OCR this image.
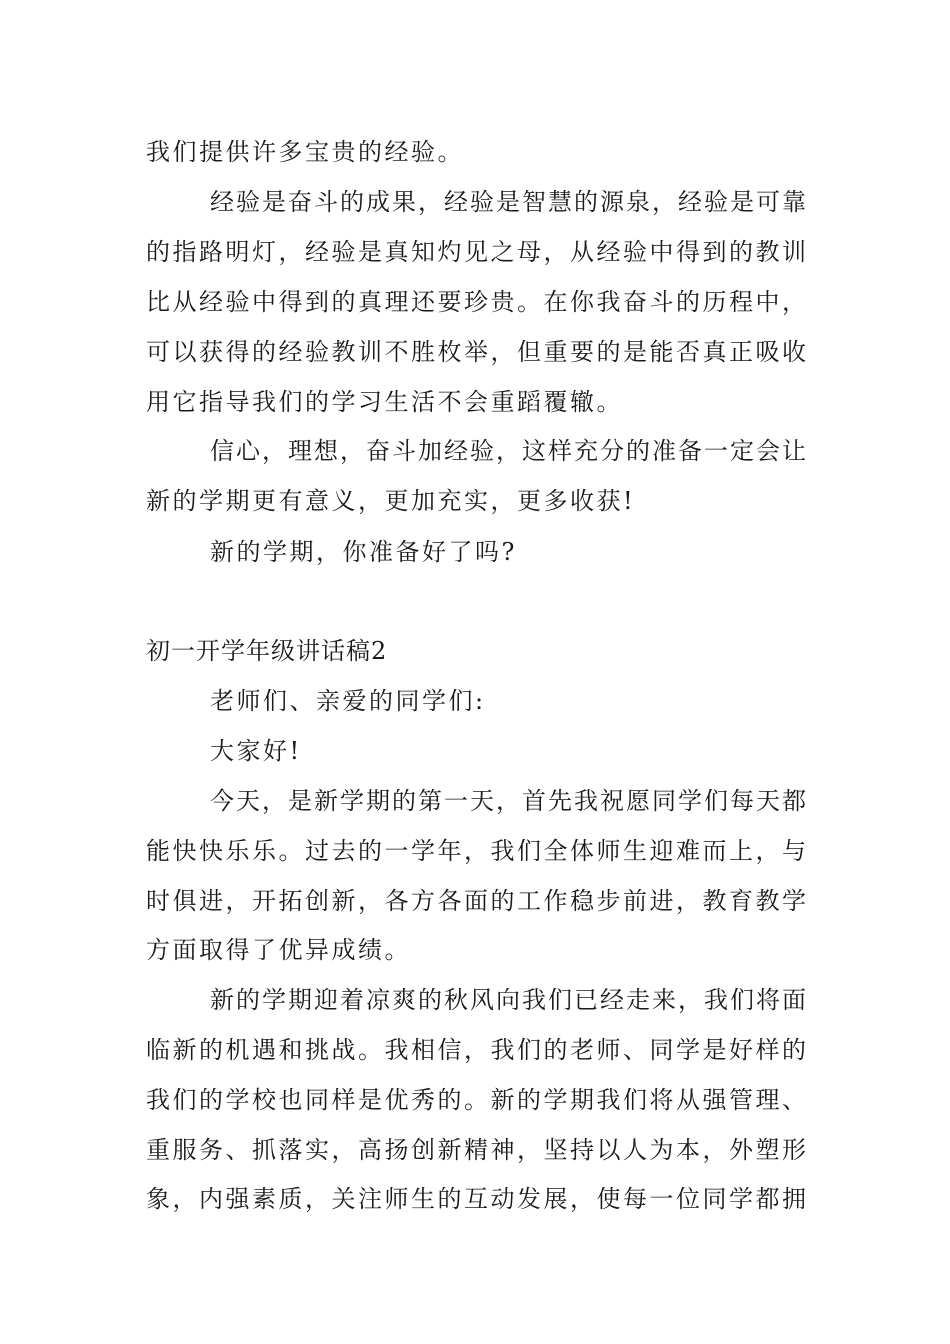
我们提供许多宝贵的经验。
经验是奋斗的成果，经验是智慧的源泉，经验是可靠
的指路明灯，经验是真知灼见之母，从经验中得到的教训
比从经验中得到的真理还要珍贵。在你我奋斗的历程中，
可以获得的经验教训不胜枚举，但重要的是能否真正吸收
用它指导我们的学习生活不会重蹈覆辙。
信心，理想，奋斗加经验，这样充分的准备一定会让
新的学期更有意义，更加充实，更多收获!
新的学期，你准备好了吗?
初一开学年级讲话稿2
老师们、亲爱的同学们:
大家好!
今天，是新学期的第一天，首先我祝愿同学们每天都
能快快乐乐。过去的一学年，我们全体师生迎难而上，与
时俱进，开拓创新，各方各面的工作稳步前进，教育教学
方面取得了优异成绩。
新的学期迎着凉爽的秋风向我们已经走来，我们将面
临新的机遇和挑战。我相信，我们的老师、同学是好样的
我们的学校也同样是优秀的。新的学期我们将从强管理、
重服务、抓落实，高扬创新精神，坚持以人为本，外塑形
象，内强素质，关注师生的互动发展，使每一位同学都拥
